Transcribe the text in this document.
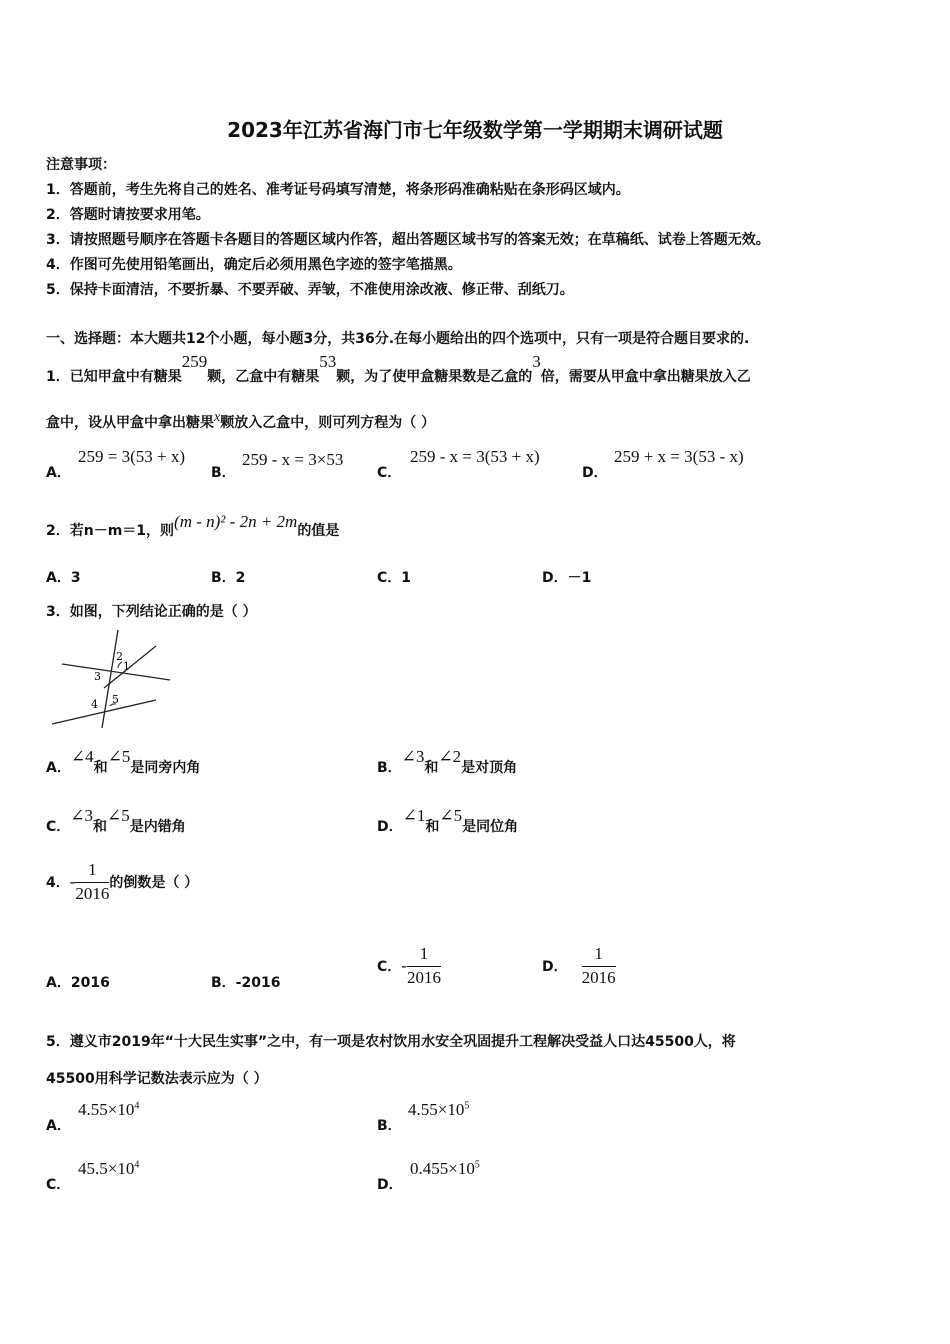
2023年江苏省海门市七年级数学第一学期期末调研试题
注意事项：
1．答题前，考生先将自己的姓名、准考证号码填写清楚，将条形码准确粘贴在条形码区域内。
2．答题时请按要求用笔。
3．请按照题号顺序在答题卡各题目的答题区域内作答，超出答题区域书写的答案无效；在草稿纸、试卷上答题无效。
4．作图可先使用铅笔画出，确定后必须用黑色字迹的签字笔描黑。
5．保持卡面清洁，不要折暴、不要弄破、弄皱，不准使用涂改液、修正带、刮纸刀。
一、选择题：本大题共12个小题，每小题3分，共36分.在每小题给出的四个选项中，只有一项是符合题目要求的.
1．已知甲盒中有糖果259颗，乙盒中有糖果53颗，为了使甲盒糖果数是乙盒的3倍，需要从甲盒中拿出糖果放入乙
盒中，设从甲盒中拿出糖果x颗放入乙盒中，则可列方程为（ ）
A．
259 = 3(53 + x)
B．
259 - x = 3×53
C．
259 - x = 3(53 + x)
D．
259 + x = 3(53 - x)
2．若n－m＝1，则(m - n)² - 2n + 2m的值是
A．3	B．2	C．1	D．－1
3．如图，下列结论正确的是（ ）
1
2
3
4 5
A．∠4和∠5是同旁内角	B．∠3和∠2是对顶角
C．∠3和∠5是内错角	D．∠1和∠5是同位角
4．- $\frac{1}{2016}$ 的倒数是（ ）
A．2016	B．-2016
C．- $\frac{1}{2016}$	D． $\frac{1}{2016}$
5．遵义市2019年“十大民生实事”之中，有一项是农村饮用水安全巩固提升工程解决受益人口达45500人，将
45500用科学记数法表示应为（ ）
A．
$4.55\times 10^4$
B．
$4.55\times 10^5$
C．
$45.5\times 10^4$
D．
$0.455\times 10^5$
